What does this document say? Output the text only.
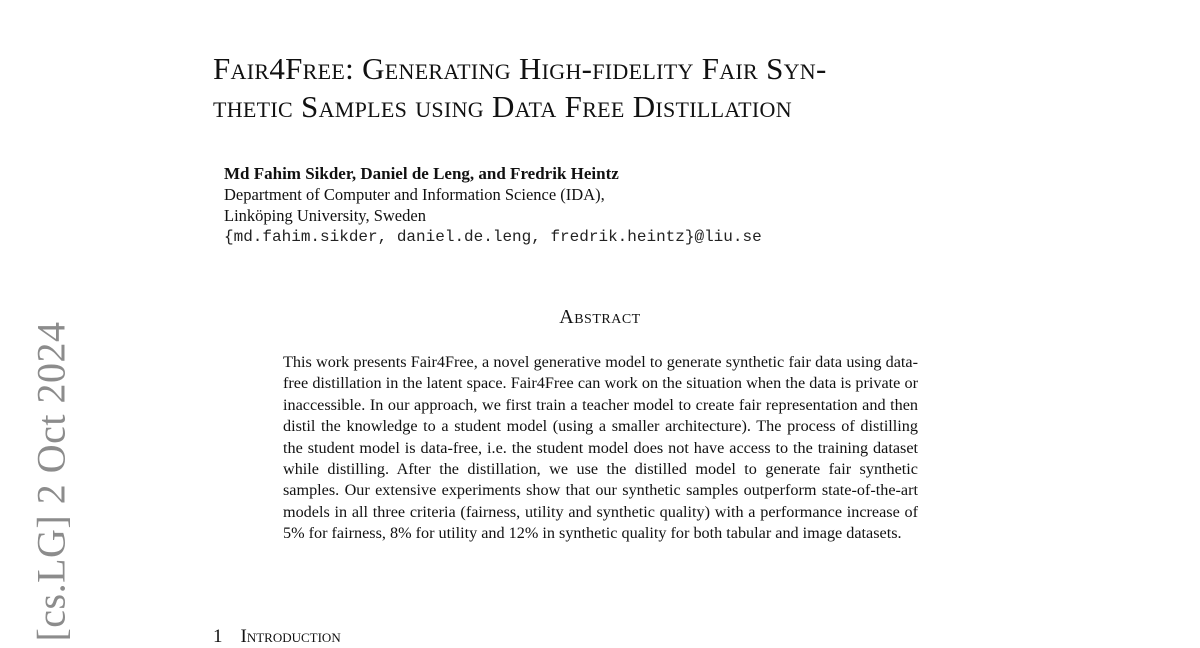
[cs.LG] 2 Oct 2024
Fair4Free: Generating High-fidelity Fair Syn-
thetic Samples using Data Free Distillation
Md Fahim Sikder, Daniel de Leng, and Fredrik Heintz
Department of Computer and Information Science (IDA),
Linköping University, Sweden
{md.fahim.sikder, daniel.de.leng, fredrik.heintz}@liu.se
Abstract
This work presents Fair4Free, a novel generative model to generate synthetic fair data using data-free distillation in the latent space. Fair4Free can work on the situation when the data is private or inaccessible. In our approach, we first train a teacher model to create fair representation and then distil the knowledge to a student model (using a smaller architecture). The process of distilling the student model is data-free, i.e. the student model does not have access to the training dataset while distilling. After the distillation, we use the distilled model to generate fair synthetic samples. Our extensive experiments show that our synthetic samples outperform state-of-the-art models in all three criteria (fairness, utility and synthetic quality) with a performance increase of 5% for fairness, 8% for utility and 12% in synthetic quality for both tabular and image datasets.
1 Introduction
